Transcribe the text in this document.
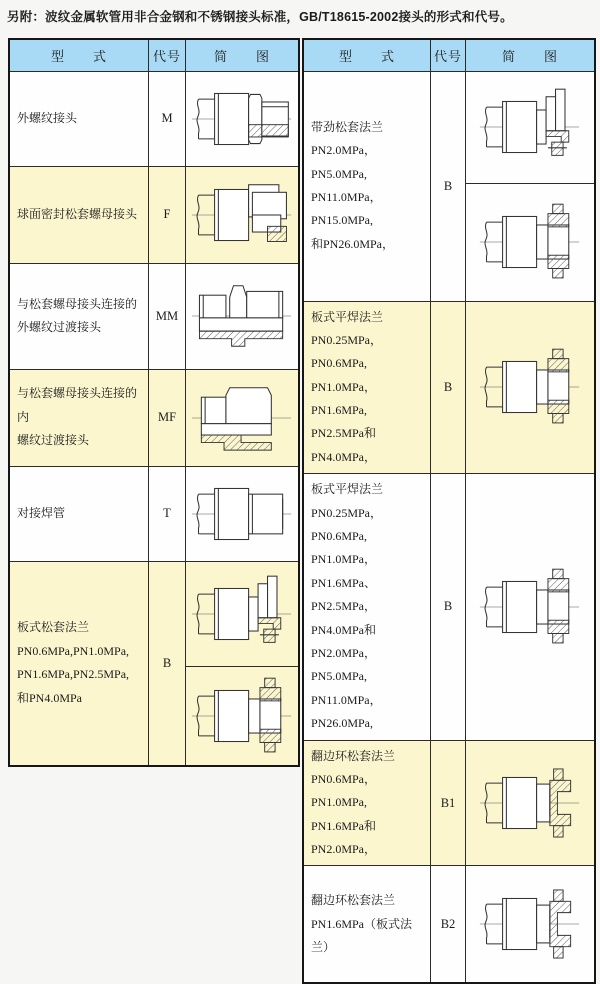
另附：波纹金属软管用非合金钢和不锈钢接头标准，GB/T18615-2002接头的形式和代号。
型　　式	代号	简　　图

外螺纹接头	M	

球面密封松套螺母接头	F	

与松套螺母接头连接的
外螺纹过渡接头	MM	

与松套螺母接头连接的内
螺纹过渡接头	MF	

对接焊管	T	

板式松套法兰
PN0.6MPa,PN1.0MPa,
PN1.6MPa,PN2.5MPa,
和PN4.0MPa	B	

型　　式	代号	简　　图

带劲松套法兰
PN2.0MPa，PN5.0MPa,
PN11.0MPa，PN15.0MPa,
和PN26.0MPa，	B	

板式平焊法兰
PN0.25MPa，PN0.6MPa,
PN1.0MPa，PN1.6MPa,
PN2.5MPa和PN4.0MPa，	B	

板式平焊法兰
PN0.25MPa，PN0.6MPa,
PN1.0MPa，PN1.6MPa、
PN2.5MPa，PN4.0MPa和
PN2.0MPa，PN5.0MPa,
PN11.0MPa，PN26.0MPa,
	B	

翻边环松套法兰
PN0.6MPa，PN1.0MPa,
PN1.6MPa和PN2.0MPa，	B1	

翻边环松套法兰
PN1.6MPa（板式法兰）	B2	
